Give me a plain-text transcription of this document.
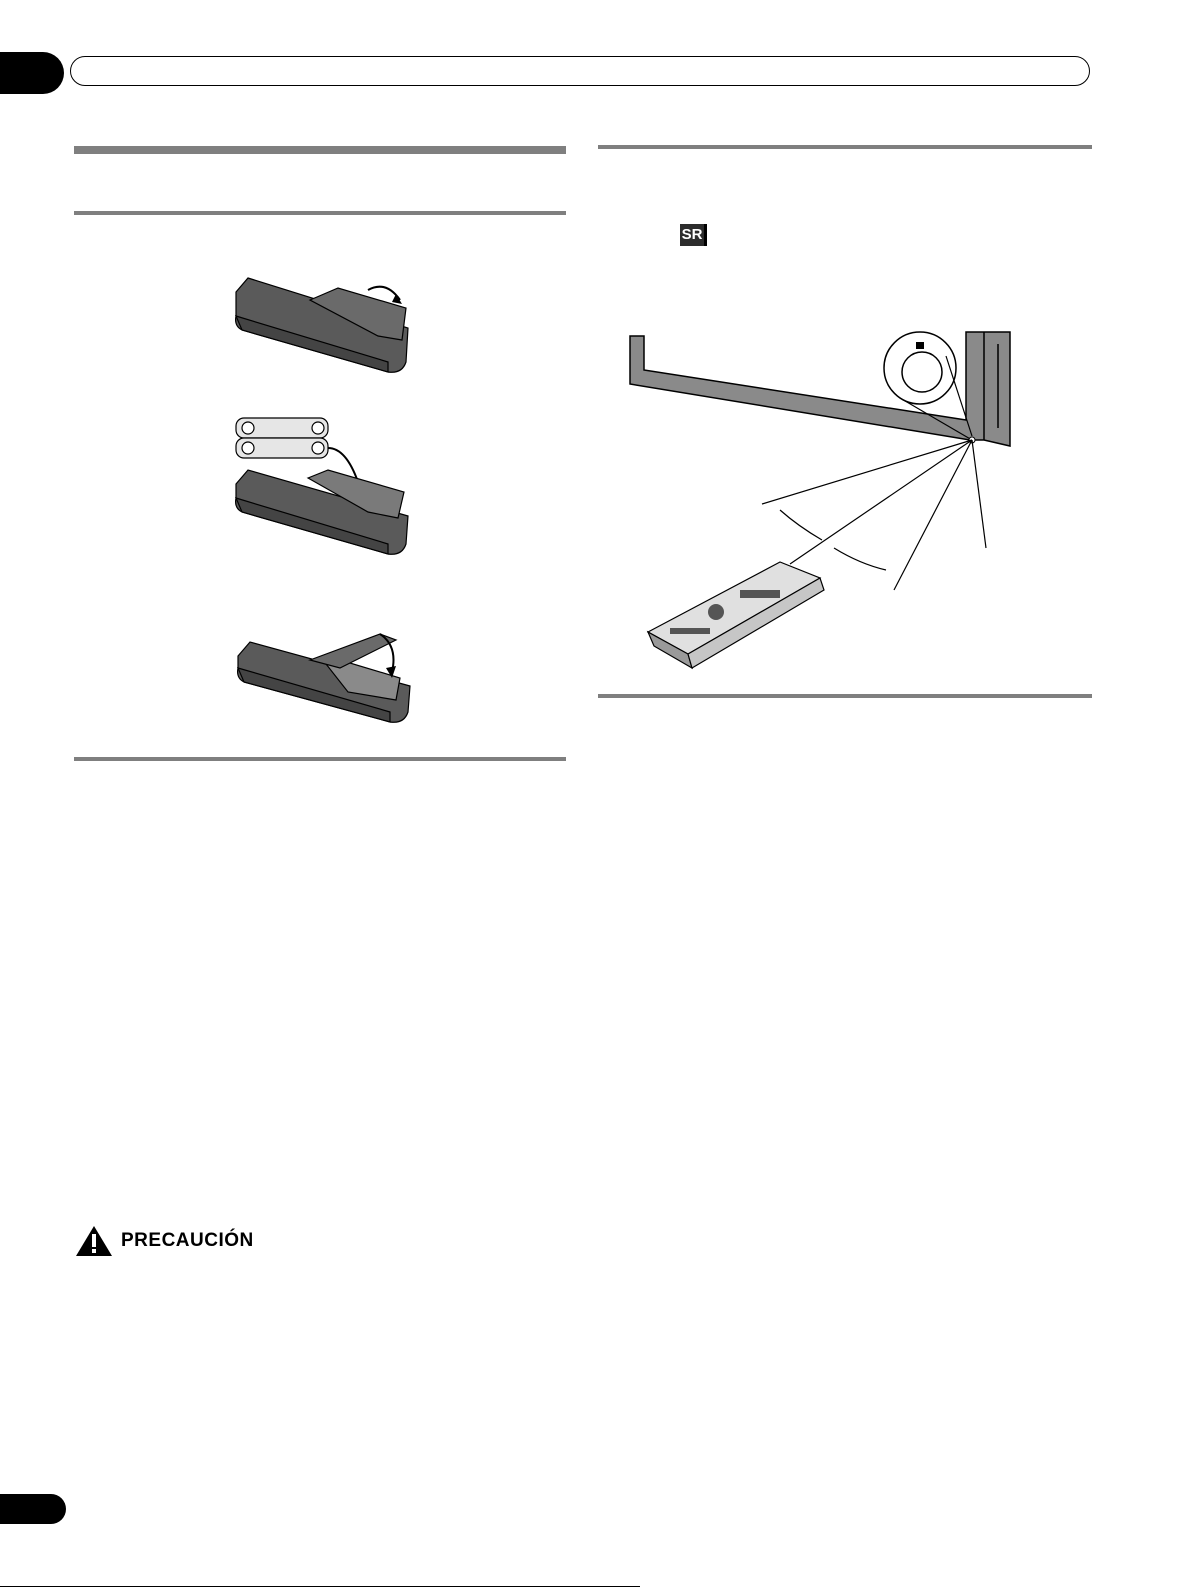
SR
PRECAUCIÓN
